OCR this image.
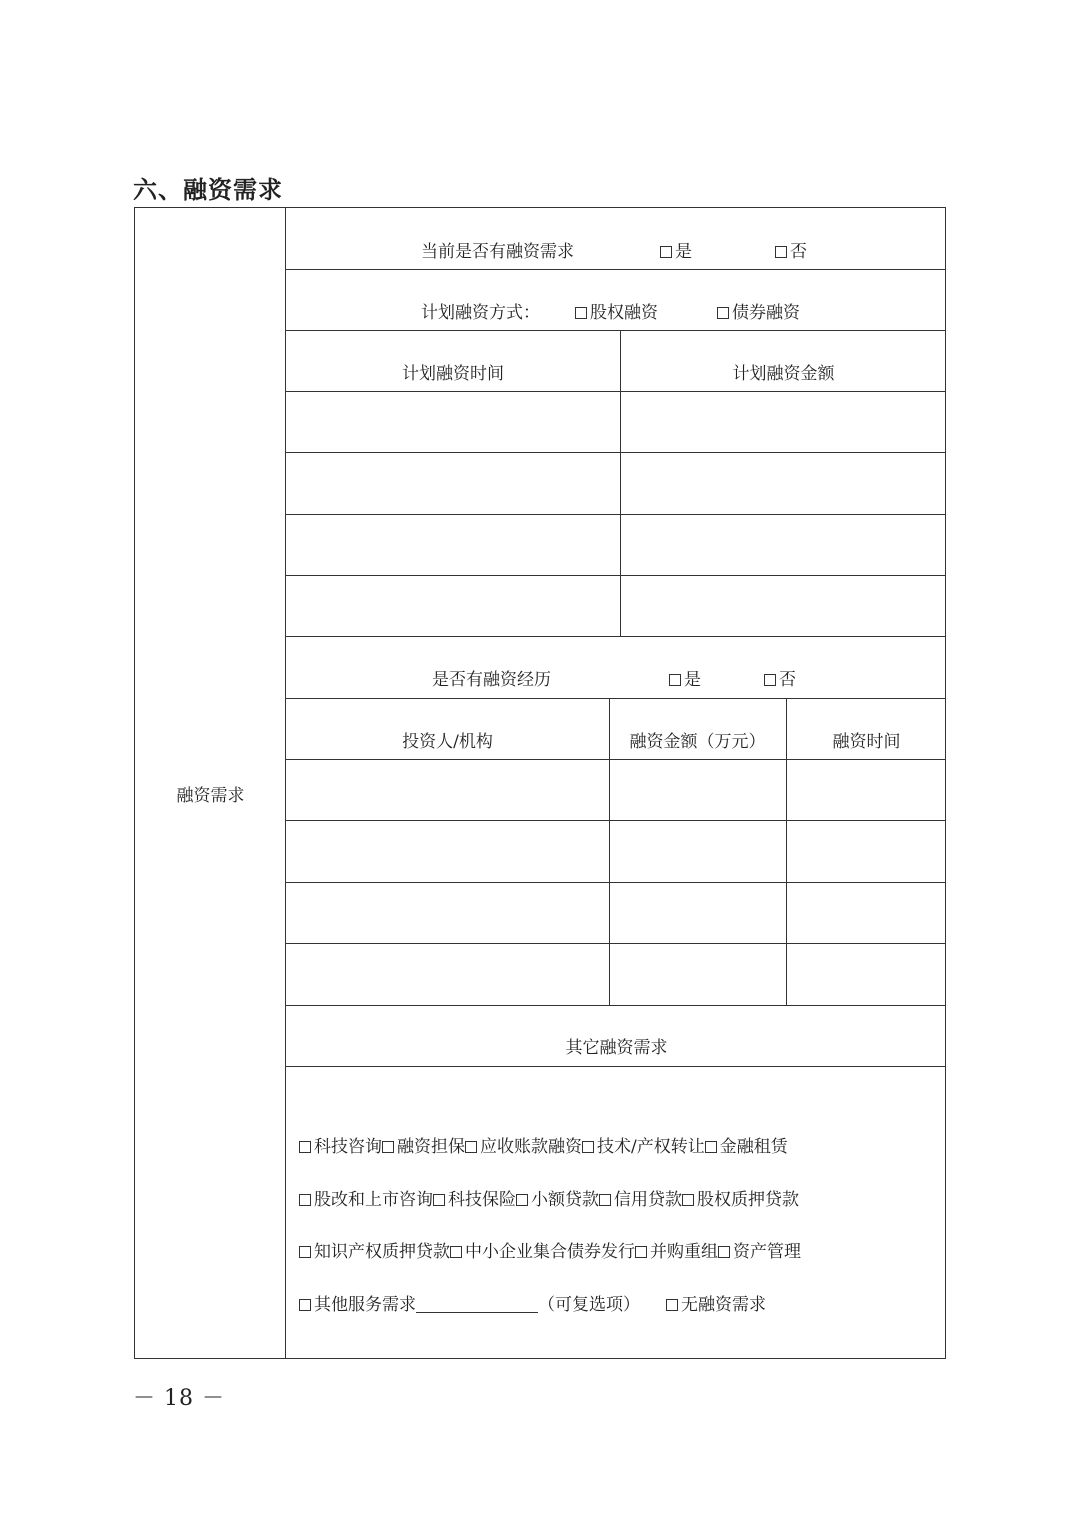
六、融资需求
融资需求
当前是否有融资需求	是	否
计划融资方式：	股权融资	债券融资
计划融资时间	计划融资金额
是否有融资经历	是	否
投资人/机构	融资金额（万元）	融资时间
其它融资需求
科技咨询 融资担保 应收账款融资 技术/产权转让 金融租赁
股改和上市咨询 科技保险 小额贷款 信用贷款 股权质押贷款
知识产权质押贷款 中小企业集合债券发行 并购重组 资产管理
其他服务需求	（可复选项） 无融资需求
－ 18 －
